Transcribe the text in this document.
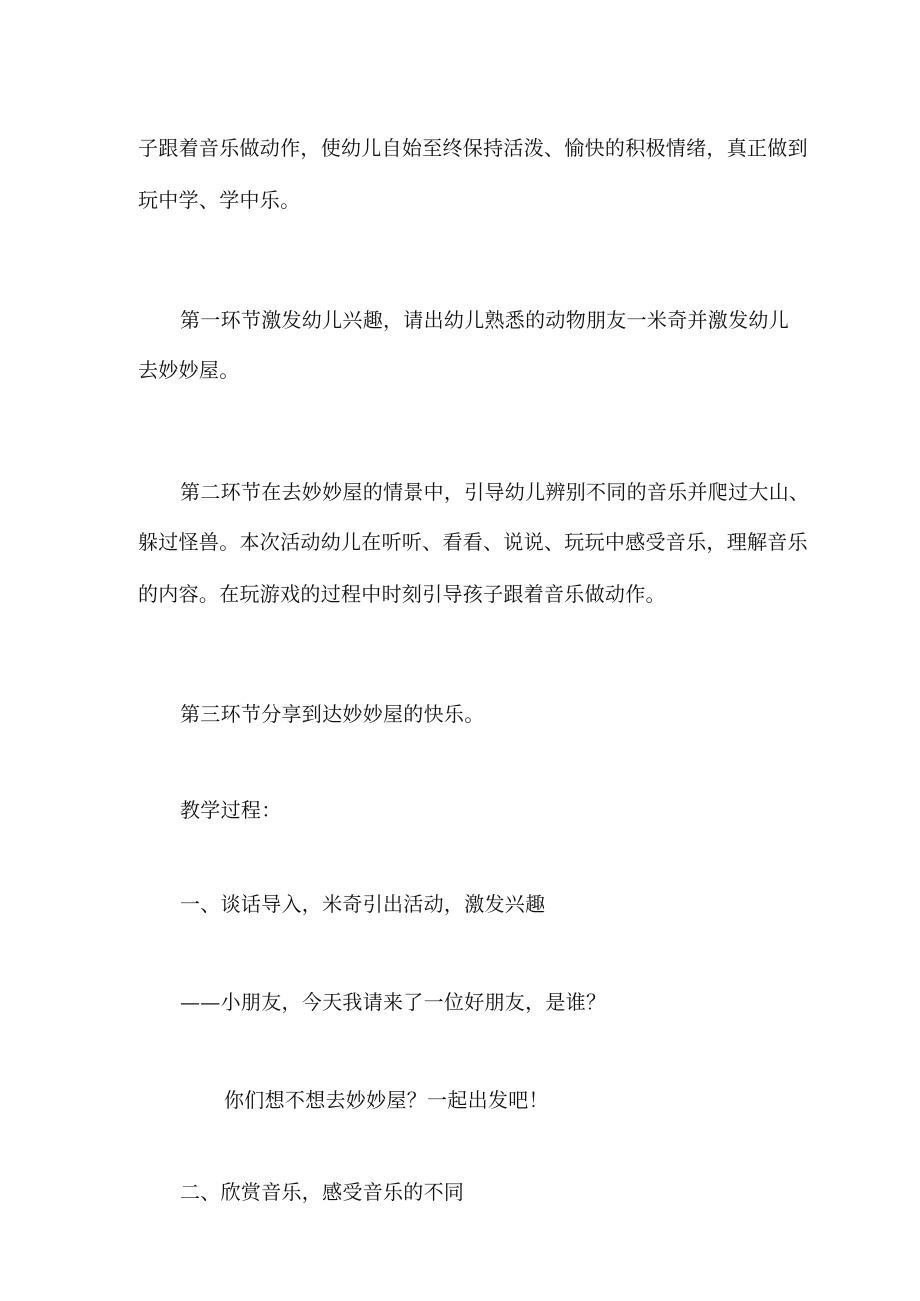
子跟着音乐做动作，使幼儿自始至终保持活泼、愉快的积极情绪，真正做到
玩中学、学中乐。
第一环节激发幼儿兴趣，请出幼儿熟悉的动物朋友一米奇并激发幼儿
去妙妙屋。
第二环节在去妙妙屋的情景中，引导幼儿辨别不同的音乐并爬过大山、
躲过怪兽。本次活动幼儿在听听、看看、说说、玩玩中感受音乐，理解音乐
的内容。在玩游戏的过程中时刻引导孩子跟着音乐做动作。
第三环节分享到达妙妙屋的快乐。
教学过程：
一、谈话导入，米奇引出活动，激发兴趣
——小朋友，今天我请来了一位好朋友，是谁？
你们想不想去妙妙屋？一起出发吧！
二、欣赏音乐，感受音乐的不同
